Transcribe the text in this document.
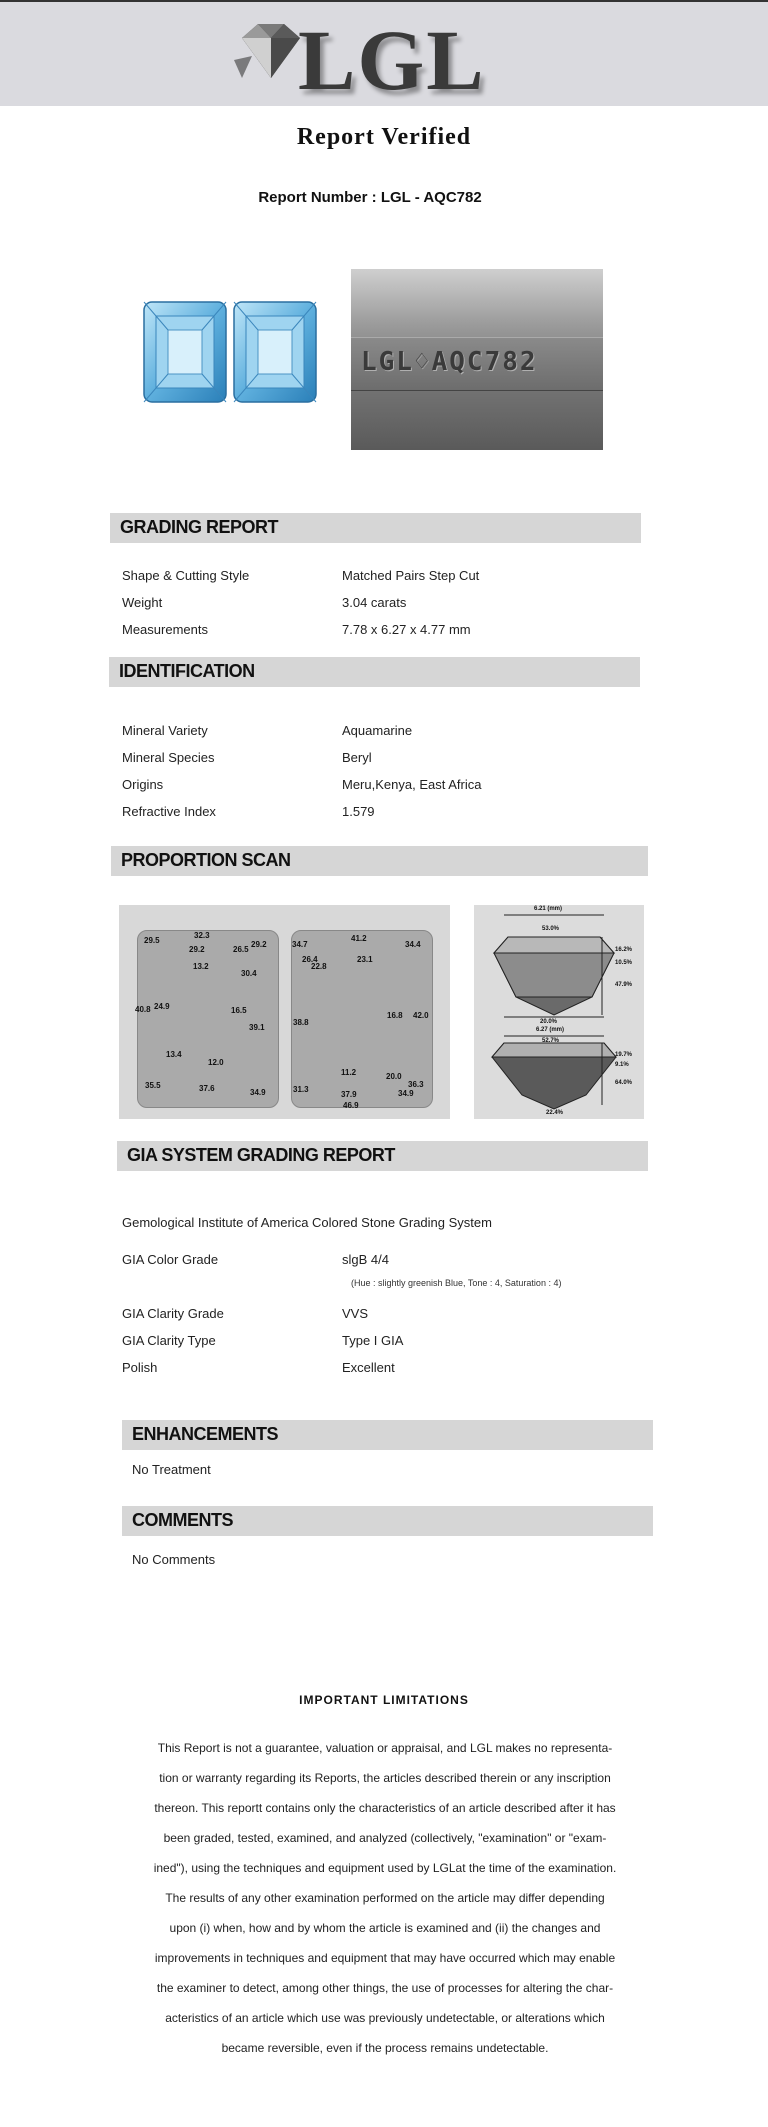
LGL
Report Verified
Report Number : LGL - AQC782
LGL♢AQC782
GRADING REPORT
Shape & Cutting Style	Matched Pairs Step Cut
Weight	3.04 carats
Measurements	7.78 x 6.27 x 4.77 mm
IDENTIFICATION
Mineral Variety	Aquamarine
Mineral Species	Beryl
Origins	Meru,Kenya, East Africa
Refractive Index	1.579
PROPORTION SCAN
29.5
32.3
29.2	26.5
29.2
13.2
30.4
40.8 24.9	16.5
39.1
13.4
12.0
35.5	37.6	34.9
34.7
41.2
34.4
26.4
22.8
23.1
38.8
16.8 42.0
11.2	20.0
36.3
31.3
37.9	34.9
46.9
6.21 (mm)
53.0%
16.2%
10.5%
47.9%
20.0%
6.27 (mm)
52.7%
19.7%
9.1%
64.0%
22.4%
GIA SYSTEM GRADING REPORT
Gemological Institute of America Colored Stone Grading System
GIA Color Grade	slgB 4/4
(Hue : slightly greenish Blue, Tone : 4, Saturation : 4)
GIA Clarity Grade	VVS
GIA Clarity Type	Type I GIA
Polish	Excellent
ENHANCEMENTS
No Treatment
COMMENTS
No Comments
IMPORTANT LIMITATIONS
This Report is not a guarantee, valuation or appraisal, and LGL makes no representa-
tion or warranty regarding its Reports, the articles described therein or any inscription
thereon. This reportt contains only the characteristics of an article described after it has
been graded, tested, examined, and analyzed (collectively, "examination" or "exam-
ined"), using the techniques and equipment used by LGLat the time of the examination.
The results of any other examination performed on the article may differ depending
upon (i) when, how and by whom the article is examined and (ii) the changes and
improvements in techniques and equipment that may have occurred which may enable
the examiner to detect, among other things, the use of processes for altering the char-
acteristics of an article which use was previously undetectable, or alterations which
became reversible, even if the process remains undetectable.
